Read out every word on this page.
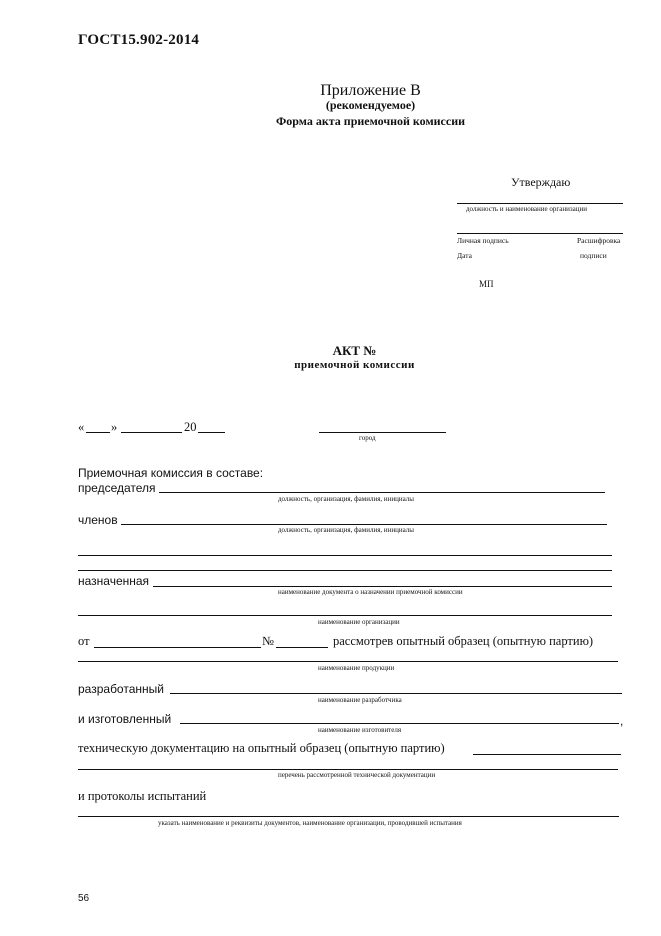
ГОСТ15.902-2014
Приложение В
(рекомендуемое)
Форма акта приемочной комиссии
Утверждаю
должность и наименование организации
Личная подпись	Расшифровка
Дата	подписи
МП
АКТ №
приемочной комиссии
« »	20
город
Приемочная комиссия в составе:
председателя
должность, организация, фамилия, инициалы
членов
должность, организация, фамилия, инициалы
назначенная
наименование документа о назначении приемочной комиссии
наименование организации
от	№	рассмотрев опытный образец (опытную партию)
наименование продукции
разработанный
наименование разработчика
и изготовленный	,
наименование изготовителя
техническую документацию на опытный образец (опытную партию)
перечень рассмотренной технической документации
и протоколы испытаний
указать наименование и реквизиты документов, наименование организации, проводившей испытания
56
